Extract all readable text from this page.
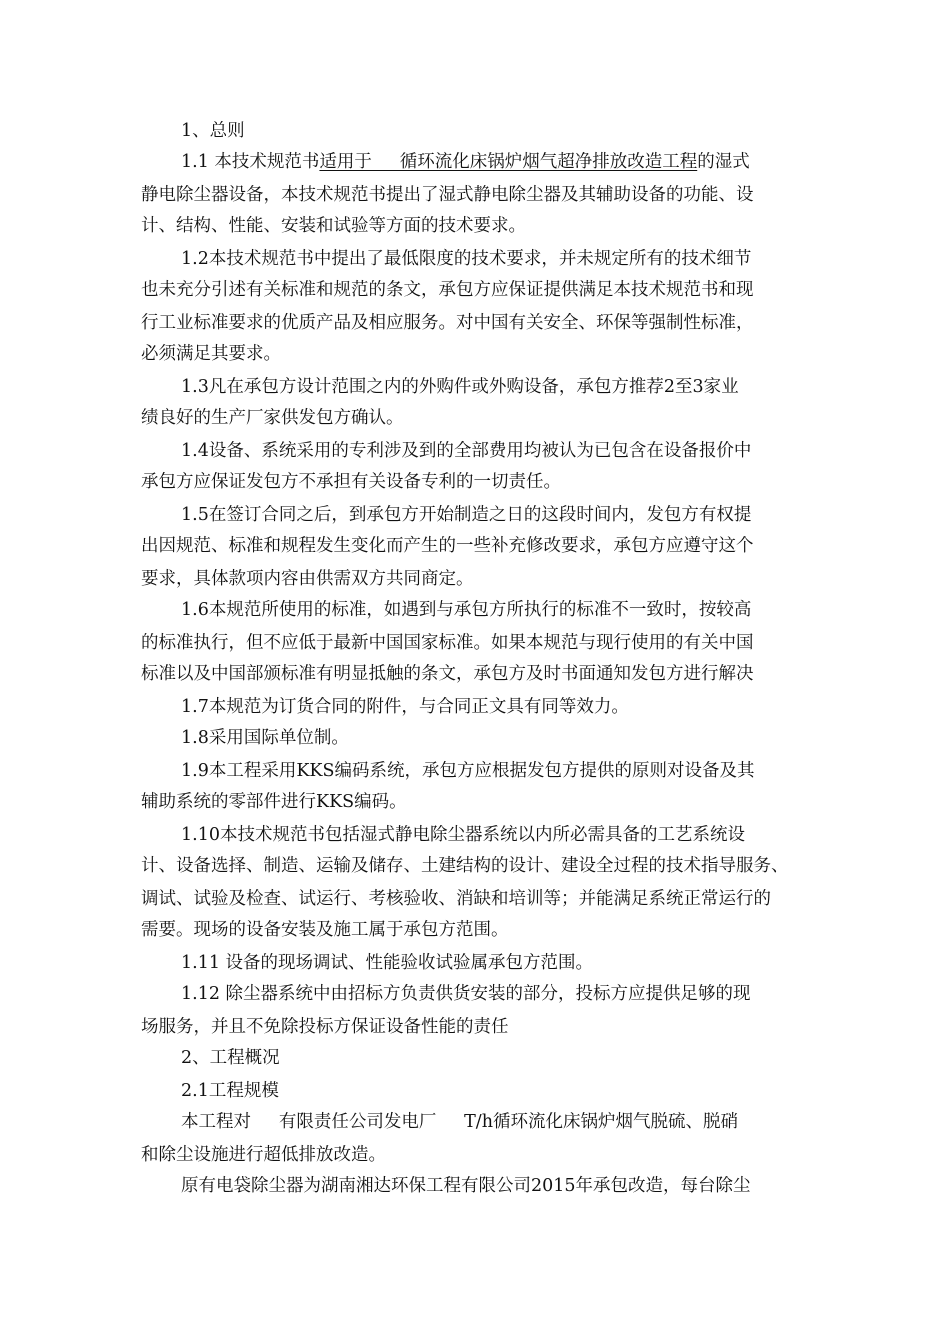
1、总则
1.1 本技术规范书适用于     循环流化床锅炉烟气超净排放改造工程的湿式
静电除尘器设备，本技术规范书提出了湿式静电除尘器及其辅助设备的功能、设
计、结构、性能、安装和试验等方面的技术要求。
1.2本技术规范书中提出了最低限度的技术要求，并未规定所有的技术细节
也未充分引述有关标准和规范的条文，承包方应保证提供满足本技术规范书和现
行工业标准要求的优质产品及相应服务。对中国有关安全、环保等强制性标准，
必须满足其要求。
1.3凡在承包方设计范围之内的外购件或外购设备，承包方推荐2至3家业
绩良好的生产厂家供发包方确认。
1.4设备、系统采用的专利涉及到的全部费用均被认为已包含在设备报价中
承包方应保证发包方不承担有关设备专利的一切责任。
1.5在签订合同之后，到承包方开始制造之日的这段时间内，发包方有权提
出因规范、标准和规程发生变化而产生的一些补充修改要求，承包方应遵守这个
要求，具体款项内容由供需双方共同商定。
1.6本规范所使用的标准，如遇到与承包方所执行的标准不一致时，按较高
的标准执行，但不应低于最新中国国家标准。如果本规范与现行使用的有关中国
标准以及中国部颁标准有明显抵触的条文，承包方及时书面通知发包方进行解决
1.7本规范为订货合同的附件，与合同正文具有同等效力。
1.8采用国际单位制。
1.9本工程采用KKS编码系统，承包方应根据发包方提供的原则对设备及其
辅助系统的零部件进行KKS编码。
1.10本技术规范书包括湿式静电除尘器系统以内所必需具备的工艺系统设
计、设备选择、制造、运输及储存、土建结构的设计、建设全过程的技术指导服务、
调试、试验及检查、试运行、考核验收、消缺和培训等；并能满足系统正常运行的
需要。现场的设备安装及施工属于承包方范围。
1.11 设备的现场调试、性能验收试验属承包方范围。
1.12 除尘器系统中由招标方负责供货安装的部分，投标方应提供足够的现
场服务，并且不免除投标方保证设备性能的责任
2、工程概况
2.1工程规模
本工程对     有限责任公司发电厂     T/h循环流化床锅炉烟气脱硫、脱硝
和除尘设施进行超低排放改造。
原有电袋除尘器为湖南湘达环保工程有限公司2015年承包改造，每台除尘
